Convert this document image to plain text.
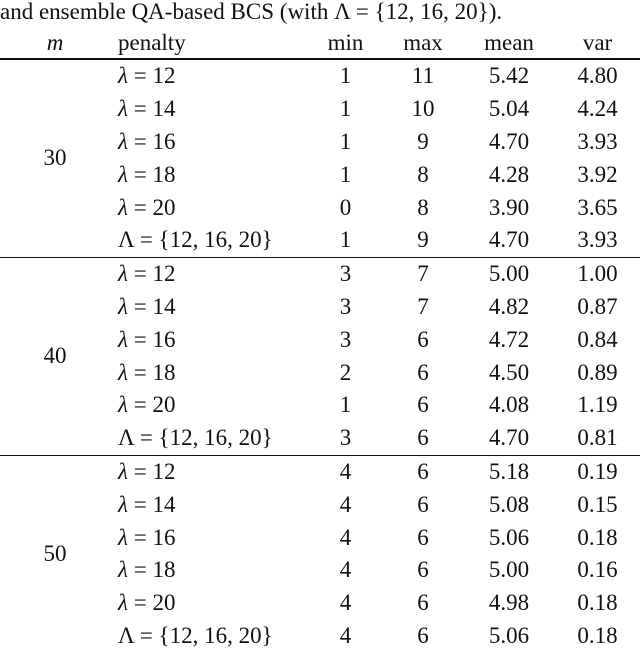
and ensemble QA-based BCS (with Λ = {12, 16, 20}).
m	penalty	min	max	mean	var
30	λ = 12	1	11	5.42	4.80
	λ = 14	1	10	5.04	4.24
	λ = 16	1	9	4.70	3.93
	λ = 18	1	8	4.28	3.92
	λ = 20	0	8	3.90	3.65
	Λ = {12, 16, 20}	1	9	4.70	3.93
40	λ = 12	3	7	5.00	1.00
	λ = 14	3	7	4.82	0.87
	λ = 16	3	6	4.72	0.84
	λ = 18	2	6	4.50	0.89
	λ = 20	1	6	4.08	1.19
	Λ = {12, 16, 20}	3	6	4.70	0.81
50	λ = 12	4	6	5.18	0.19
	λ = 14	4	6	5.08	0.15
	λ = 16	4	6	5.06	0.18
	λ = 18	4	6	5.00	0.16
	λ = 20	4	6	4.98	0.18
	Λ = {12, 16, 20}	4	6	5.06	0.18
